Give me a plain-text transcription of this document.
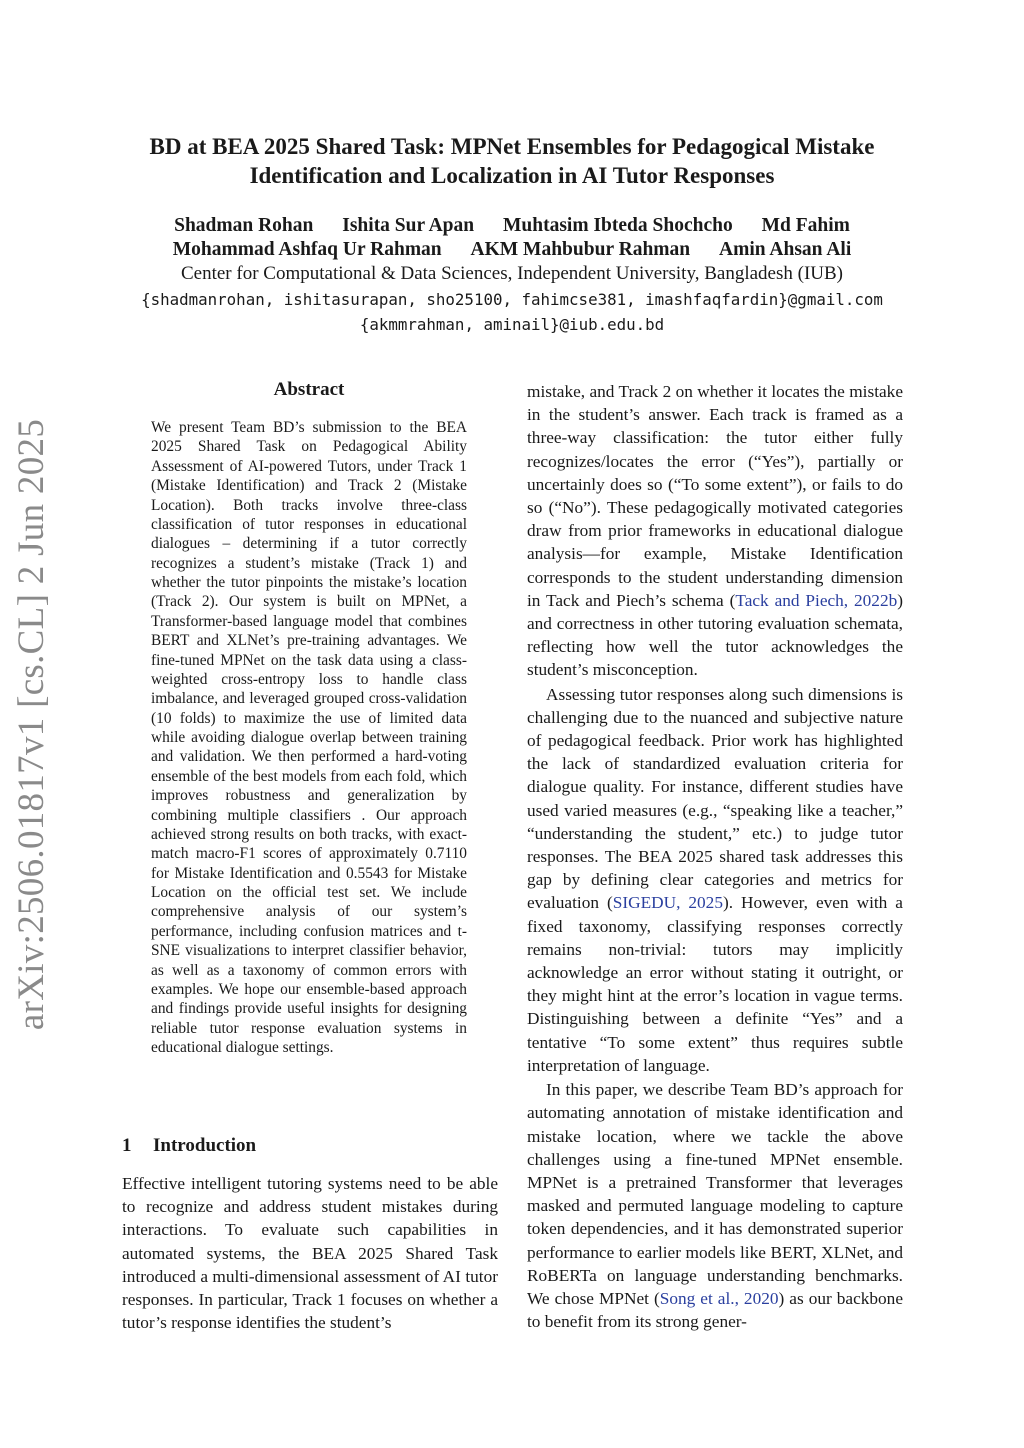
arXiv:2506.01817v1 [cs.CL] 2 Jun 2025
BD at BEA 2025 Shared Task: MPNet Ensembles for Pedagogical Mistake Identification and Localization in AI Tutor Responses
Shadman Rohan Ishita Sur Apan Muhtasim Ibteda Shochcho Md Fahim
Mohammad Ashfaq Ur Rahman AKM Mahbubur Rahman Amin Ahsan Ali
Center for Computational & Data Sciences, Independent University, Bangladesh (IUB)
{shadmanrohan, ishitasurapan, sho25100, fahimcse381, imashfaqfardin}@gmail.com
{akmmrahman, aminail}@iub.edu.bd
Abstract

We present Team BD’s submission to the BEA 2025 Shared Task on Pedagogical Ability Assessment of AI-powered Tutors, under Track 1 (Mistake Identification) and Track 2 (Mistake Location). Both tracks involve three-class classification of tutor responses in educational dialogues – determining if a tutor correctly recognizes a student’s mistake (Track 1) and whether the tutor pinpoints the mistake’s location (Track 2). Our system is built on MPNet, a Transformer-based language model that combines BERT and XLNet’s pre-training advantages. We fine-tuned MPNet on the task data using a class-weighted cross-entropy loss to handle class imbalance, and leveraged grouped cross-validation (10 folds) to maximize the use of limited data while avoiding dialogue overlap between training and validation. We then performed a hard-voting ensemble of the best models from each fold, which improves robustness and generalization by combining multiple classifiers . Our approach achieved strong results on both tracks, with exact-match macro-F1 scores of approximately 0.7110 for Mistake Identification and 0.5543 for Mistake Location on the official test set. We include comprehensive analysis of our system’s performance, including confusion matrices and t-SNE visualizations to interpret classifier behavior, as well as a taxonomy of common errors with examples. We hope our ensemble-based approach and findings provide useful insights for designing reliable tutor response evaluation systems in educational dialogue settings.

1 Introduction

Effective intelligent tutoring systems need to be able to recognize and address student mistakes during interactions. To evaluate such capabilities in automated systems, the BEA 2025 Shared Task introduced a multi-dimensional assessment of AI tutor responses. In particular, Track 1 focuses on whether a tutor’s response identifies the student’s

mistake, and Track 2 on whether it locates the mistake in the student’s answer. Each track is framed as a three-way classification: the tutor either fully recognizes/locates the error (“Yes”), partially or uncertainly does so (“To some extent”), or fails to do so (“No”). These pedagogically motivated categories draw from prior frameworks in educational dialogue analysis—for example, Mistake Identification corresponds to the student understanding dimension in Tack and Piech’s schema (Tack and Piech, 2022b) and correctness in other tutoring evaluation schemata, reflecting how well the tutor acknowledges the student’s misconception.

Assessing tutor responses along such dimensions is challenging due to the nuanced and subjective nature of pedagogical feedback. Prior work has highlighted the lack of standardized evaluation criteria for dialogue quality. For instance, different studies have used varied measures (e.g., “speaking like a teacher,” “understanding the student,” etc.) to judge tutor responses. The BEA 2025 shared task addresses this gap by defining clear categories and metrics for evaluation (SIGEDU, 2025). However, even with a fixed taxonomy, classifying responses correctly remains non-trivial: tutors may implicitly acknowledge an error without stating it outright, or they might hint at the error’s location in vague terms. Distinguishing between a definite “Yes” and a tentative “To some extent” thus requires subtle interpretation of language.

In this paper, we describe Team BD’s approach for automating annotation of mistake identification and mistake location, where we tackle the above challenges using a fine-tuned MPNet ensemble. MPNet is a pretrained Transformer that leverages masked and permuted language modeling to capture token dependencies, and it has demonstrated superior performance to earlier models like BERT, XLNet, and RoBERTa on language understanding benchmarks. We chose MPNet (Song et al., 2020) as our backbone to benefit from its strong gener-
